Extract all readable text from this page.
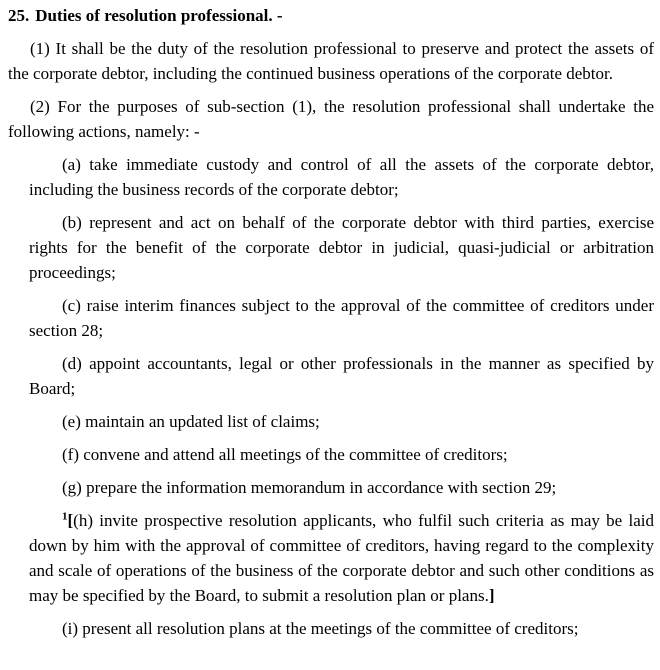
25. Duties of resolution professional. -

(1) It shall be the duty of the resolution professional to preserve and protect the assets of the corporate debtor, including the continued business operations of the corporate debtor.

(2) For the purposes of sub-section (1), the resolution professional shall undertake the following actions, namely: -

(a) take immediate custody and control of all the assets of the corporate debtor, including the business records of the corporate debtor;

(b) represent and act on behalf of the corporate debtor with third parties, exercise rights for the benefit of the corporate debtor in judicial, quasi-judicial or arbitration proceedings;

(c) raise interim finances subject to the approval of the committee of creditors under section 28;

(d) appoint accountants, legal or other professionals in the manner as specified by Board;

(e) maintain an updated list of claims;

(f) convene and attend all meetings of the committee of creditors;

(g) prepare the information memorandum in accordance with section 29;

$^1$[(h) invite prospective resolution applicants, who fulfil such criteria as may be laid down by him with the approval of committee of creditors, having regard to the complexity and scale of operations of the business of the corporate debtor and such other conditions as may be specified by the Board, to submit a resolution plan or plans.]

(i) present all resolution plans at the meetings of the committee of creditors;
